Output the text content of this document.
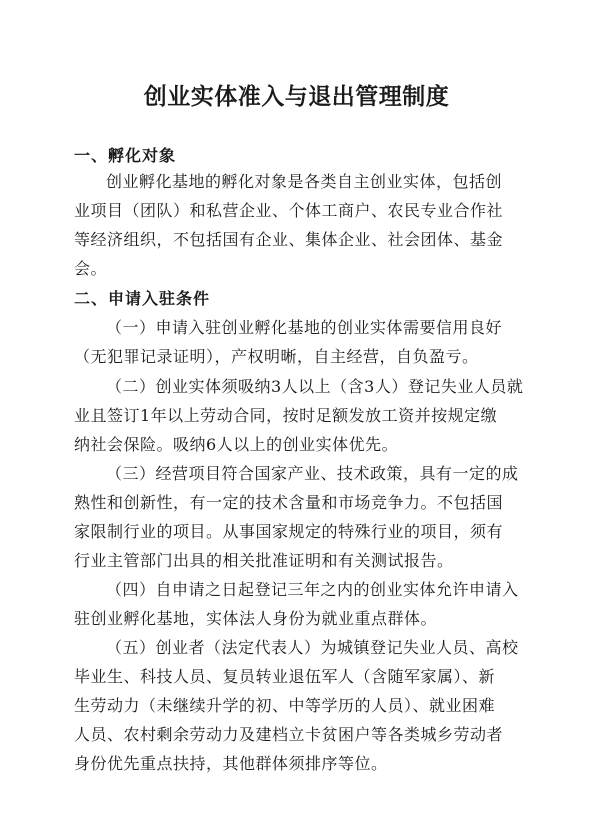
创业实体准入与退出管理制度
一、孵化对象
创业孵化基地的孵化对象是各类自主创业实体，包括创
业项目（团队）和私营企业、个体工商户、农民专业合作社
等经济组织，不包括国有企业、集体企业、社会团体、基金
会。
二、申请入驻条件
（一）申请入驻创业孵化基地的创业实体需要信用良好
（无犯罪记录证明），产权明晰，自主经营，自负盈亏。
（二）创业实体须吸纳3人以上（含3人）登记失业人员就
业且签订1年以上劳动合同，按时足额发放工资并按规定缴
纳社会保险。吸纳6人以上的创业实体优先。
（三）经营项目符合国家产业、技术政策，具有一定的成
熟性和创新性，有一定的技术含量和市场竞争力。不包括国
家限制行业的项目。从事国家规定的特殊行业的项目，须有
行业主管部门出具的相关批准证明和有关测试报告。
（四）自申请之日起登记三年之内的创业实体允许申请入
驻创业孵化基地，实体法人身份为就业重点群体。
（五）创业者（法定代表人）为城镇登记失业人员、高校
毕业生、科技人员、复员转业退伍军人（含随军家属）、新
生劳动力（未继续升学的初、中等学历的人员）、就业困难
人员、农村剩余劳动力及建档立卡贫困户等各类城乡劳动者
身份优先重点扶持，其他群体须排序等位。
